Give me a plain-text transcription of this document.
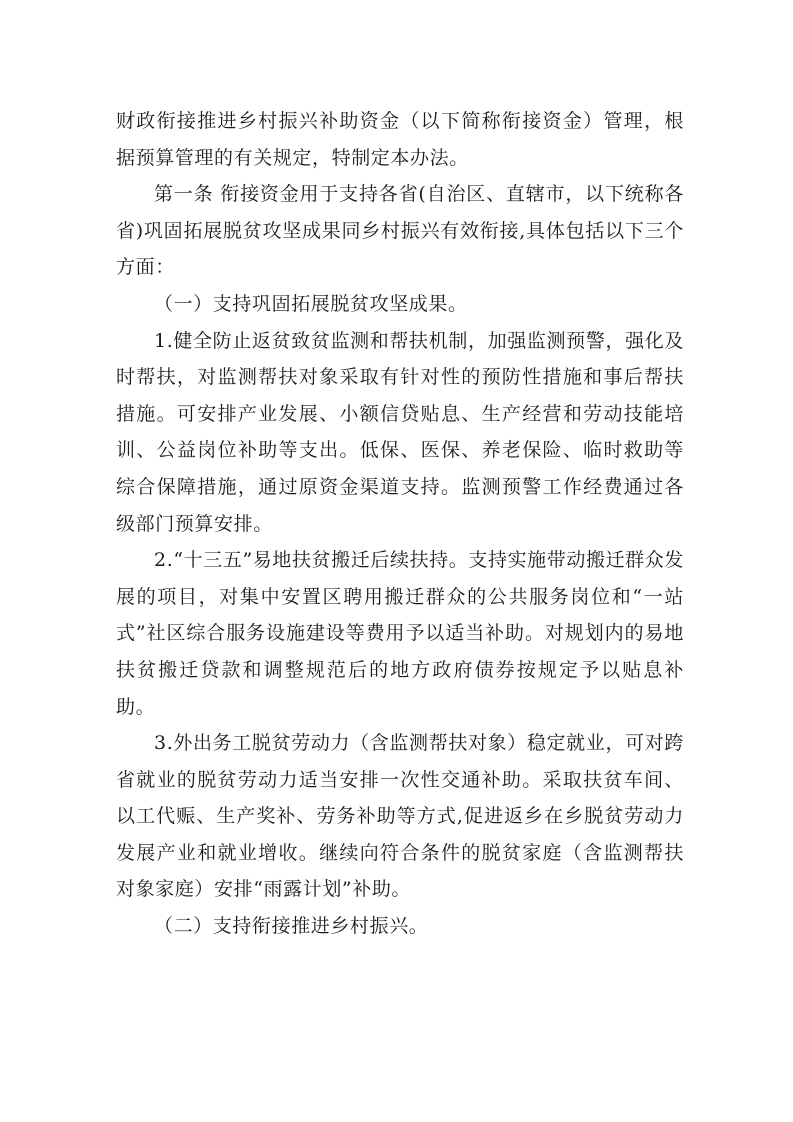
财政衔接推进乡村振兴补助资金（以下简称衔接资金）管理，根据预算管理的有关规定，特制定本办法。

第一条 衔接资金用于支持各省(自治区、直辖市，以下统称各省)巩固拓展脱贫攻坚成果同乡村振兴有效衔接,具体包括以下三个方面：

（一）支持巩固拓展脱贫攻坚成果。

1.健全防止返贫致贫监测和帮扶机制，加强监测预警，强化及时帮扶，对监测帮扶对象采取有针对性的预防性措施和事后帮扶措施。可安排产业发展、小额信贷贴息、生产经营和劳动技能培训、公益岗位补助等支出。低保、医保、养老保险、临时救助等综合保障措施，通过原资金渠道支持。监测预警工作经费通过各级部门预算安排。

2.“十三五”易地扶贫搬迁后续扶持。支持实施带动搬迁群众发展的项目，对集中安置区聘用搬迁群众的公共服务岗位和“一站式”社区综合服务设施建设等费用予以适当补助。对规划内的易地扶贫搬迁贷款和调整规范后的地方政府债券按规定予以贴息补助。

3.外出务工脱贫劳动力（含监测帮扶对象）稳定就业，可对跨省就业的脱贫劳动力适当安排一次性交通补助。采取扶贫车间、以工代赈、生产奖补、劳务补助等方式,促进返乡在乡脱贫劳动力发展产业和就业增收。继续向符合条件的脱贫家庭（含监测帮扶对象家庭）安排“雨露计划”补助。

（二）支持衔接推进乡村振兴。
